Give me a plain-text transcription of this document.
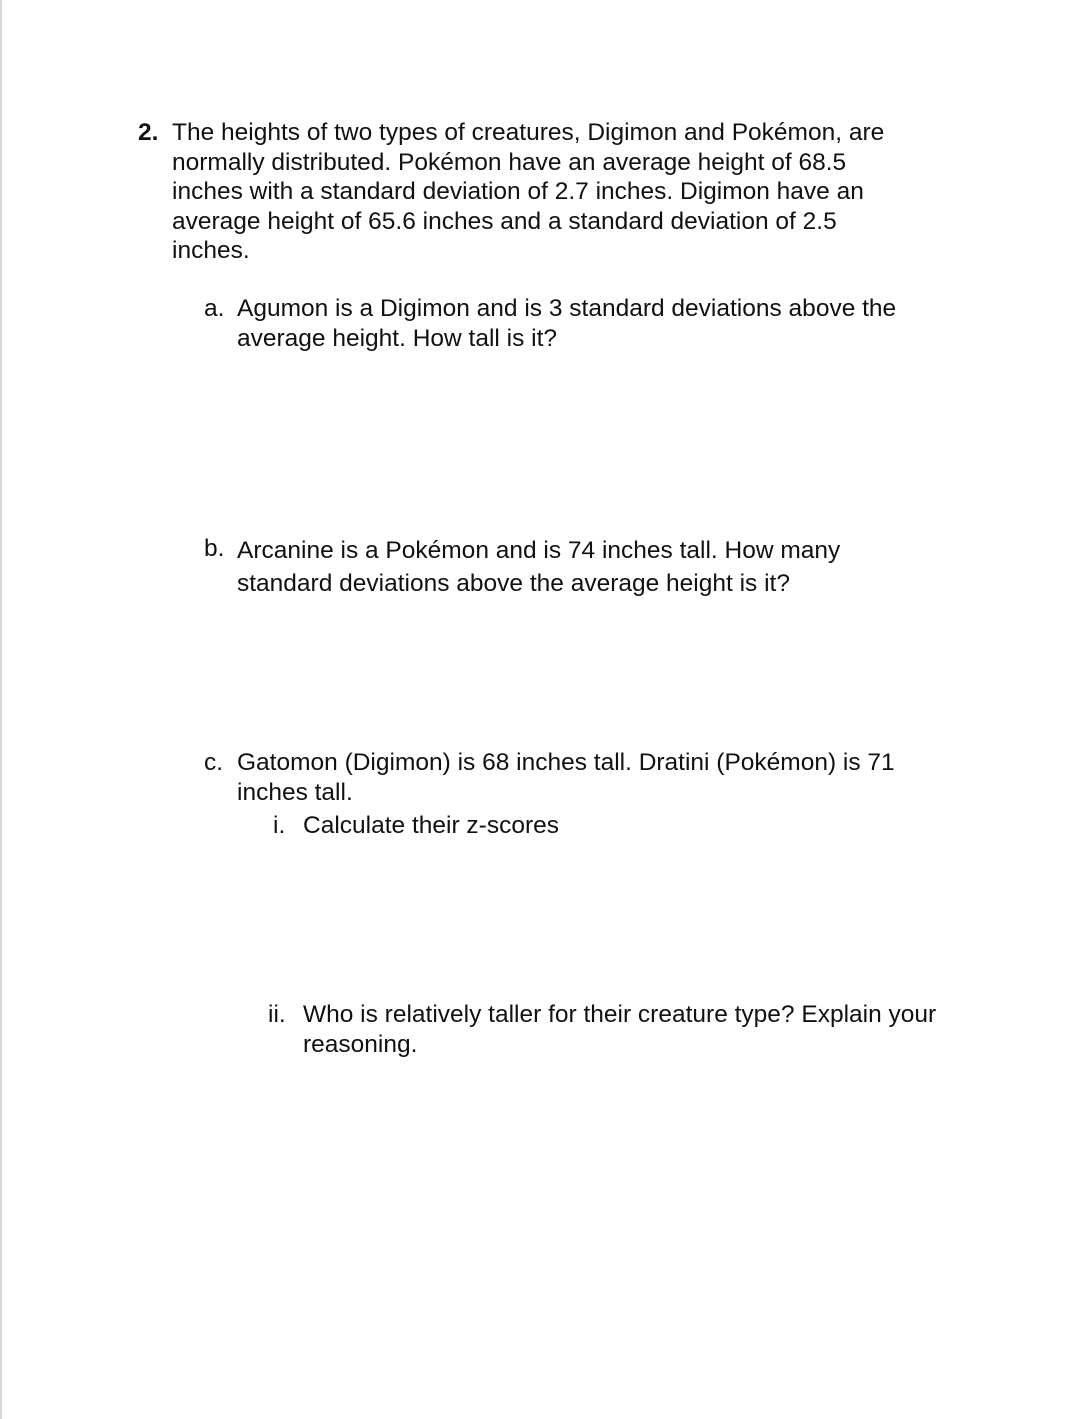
2. The heights of two types of creatures, Digimon and Pokémon, are
normally distributed. Pokémon have an average height of 68.5
inches with a standard deviation of 2.7 inches. Digimon have an
average height of 65.6 inches and a standard deviation of 2.5
inches.
a. Agumon is a Digimon and is 3 standard deviations above the
average height. How tall is it?
b. Arcanine is a Pokémon and is 74 inches tall. How many
standard deviations above the average height is it?
c. Gatomon (Digimon) is 68 inches tall. Dratini (Pokémon) is 71
inches tall.
i. Calculate their z-scores
ii. Who is relatively taller for their creature type? Explain your
reasoning.
